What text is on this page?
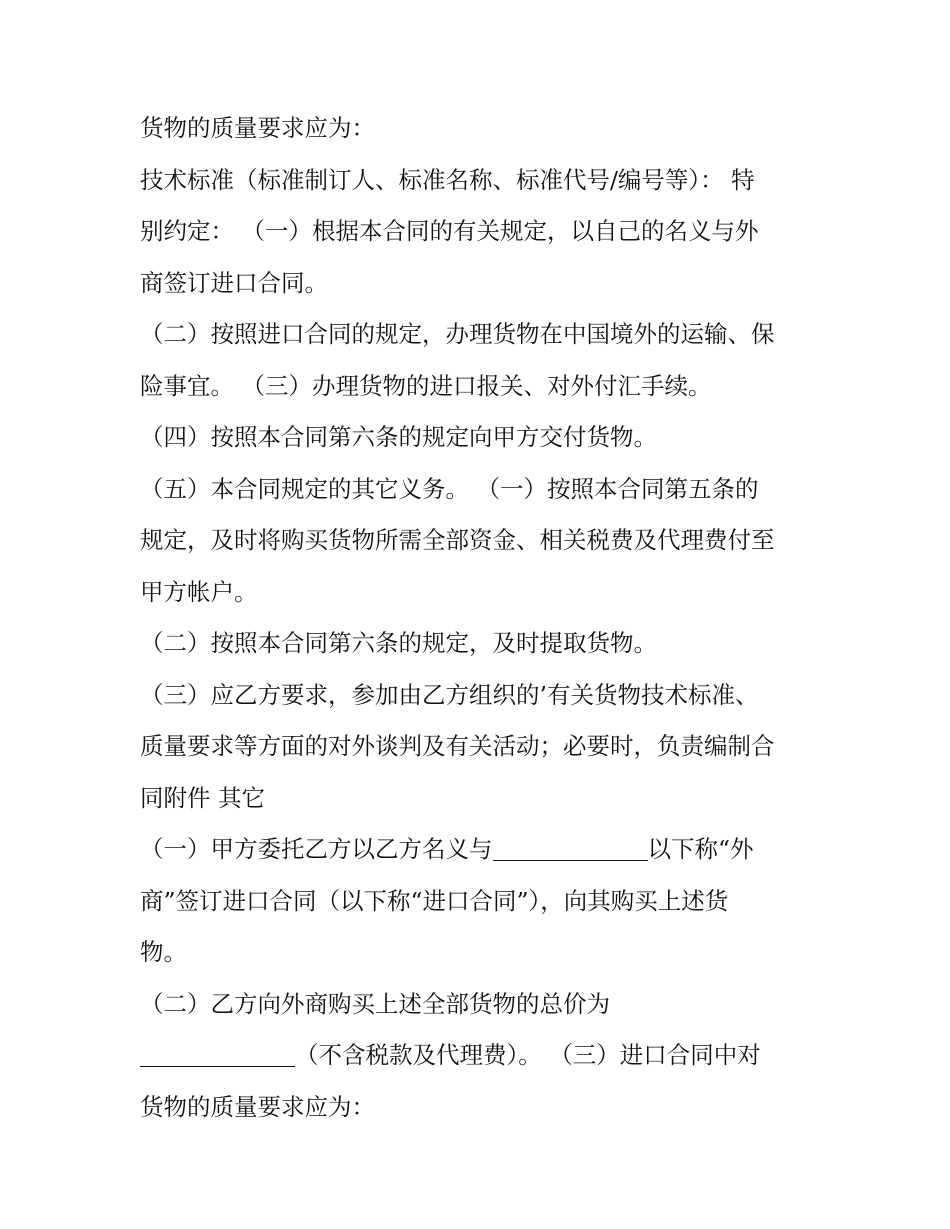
货物的质量要求应为：
技术标准（标准制订人、标准名称、标准代号/编号等）： 特
别约定： （一）根据本合同的有关规定，以自己的名义与外
商签订进口合同。
（二）按照进口合同的规定，办理货物在中国境外的运输、保
险事宜。 （三）办理货物的进口报关、对外付汇手续。
（四）按照本合同第六条的规定向甲方交付货物。
（五）本合同规定的其它义务。 （一）按照本合同第五条的
规定，及时将购买货物所需全部资金、相关税费及代理费付至
甲方帐户。
（二）按照本合同第六条的规定，及时提取货物。
（三）应乙方要求，参加由乙方组织的’有关货物技术标准、
质量要求等方面的对外谈判及有关活动；必要时，负责编制合
同附件 其它
（一）甲方委托乙方以乙方名义与	以下称“外
商”签订进口合同（以下称“进口合同”），向其购买上述货
物。
（二）乙方向外商购买上述全部货物的总价为
（不含税款及代理费）。 （三）进口合同中对
货物的质量要求应为：
